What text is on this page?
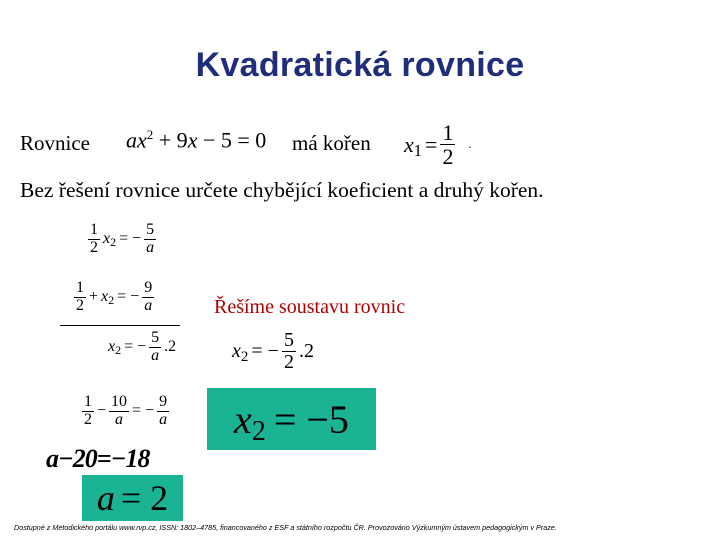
Kvadratická rovnice
Rovnice $ax^2 + 9x - 5 = 0$ má kořen $x1 = \frac{1}{2}$ .
Bez řešení rovnice určete chybějící koeficient a druhý kořen.
$\frac{1}{2} x2$ = − $\frac{5}{a}$
$\frac{1}{2} + x2$ = − $\frac{9}{a}$
x2 = − $\frac{5}{a} .2$
Řešíme soustavu rovnic
x2 = − $\frac{5}{2} .2$
x2 = −5
$\frac{1}{2} - \frac{10}{a}$ = − $\frac{9}{a}$
a−20=−18
a = 2
Dostupné z Metodického portálu www.rvp.cz, ISSN: 1802–4785, financovaného z ESF a státního rozpočtu ČR. Provozováno Výzkumným ústavem pedagogickým v Praze.
